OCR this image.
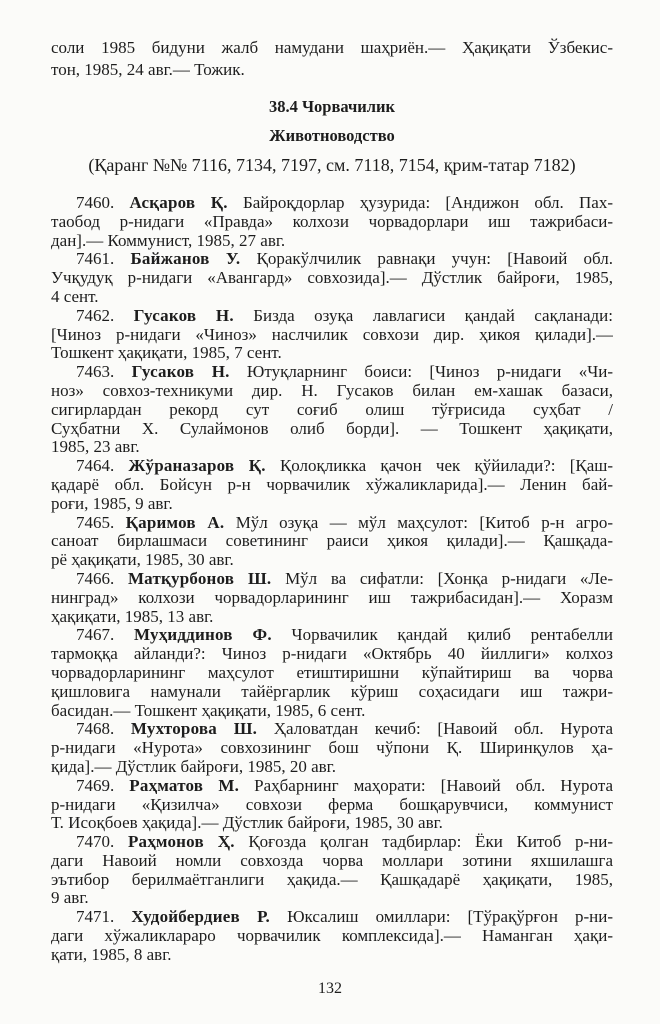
соли 1985 бидуни жалб намудани шаҳриён.— Ҳақиқати Ўзбекис-
тон, 1985, 24 авг.— Тожик.
38.4 Чорвачилик
Животноводство
(Қаранг №№ 7116, 7134, 7197, см. 7118, 7154, қрим-татар 7182)
7460. Асқаров Қ. Байроқдорлар ҳузурида: [Андижон обл. Пах-
таобод р-нидаги «Правда» колхози чорвадорлари иш тажрибаси-
дан].— Коммунист, 1985, 27 авг.
7461. Байжанов У. Қоракўлчилик равнақи учун: [Навоий обл.
Учқудуқ р-нидаги «Авангард» совхозида].— Дўстлик байроғи, 1985,
4 сент.
7462. Гусаков Н. Бизда озуқа лавлагиси қандай сақланади:
[Чиноз р-нидаги «Чиноз» наслчилик совхози дир. ҳикоя қилади].—
Тошкент ҳақиқати, 1985, 7 сент.
7463. Гусаков Н. Ютуқларнинг боиси: [Чиноз р-нидаги «Чи-
ноз» совхоз-техникуми дир. Н. Гусаков билан ем-хашак базаси,
сигирлардан рекорд сут соғиб олиш тўғрисида суҳбат /
Суҳбатни Х. Сулаймонов олиб борди]. — Тошкент ҳақиқати,
1985, 23 авг.
7464. Жўраназаров Қ. Қолоқликка қачон чек қўйилади?: [Қаш-
қадарё обл. Бойсун р-н чорвачилик хўжаликларида].— Ленин бай-
роғи, 1985, 9 авг.
7465. Қаримов А. Мўл озуқа — мўл маҳсулот: [Китоб р-н агро-
саноат бирлашмаси советининг раиси ҳикоя қилади].— Қашқада-
рё ҳақиқати, 1985, 30 авг.
7466. Матқурбонов Ш. Мўл ва сифатли: [Хонқа р-нидаги «Ле-
нинград» колхози чорвадорларининг иш тажрибасидан].— Хоразм
ҳақиқати, 1985, 13 авг.
7467. Муҳиддинов Ф. Чорвачилик қандай қилиб рентабелли
тармоққа айланди?: Чиноз р-нидаги «Октябрь 40 йиллиги» колхоз
чорвадорларининг маҳсулот етиштиришни кўпайтириш ва чорва
қишловига намунали тайёргарлик кўриш соҳасидаги иш тажри-
басидан.— Тошкент ҳақиқати, 1985, 6 сент.
7468. Мухторова Ш. Ҳаловатдан кечиб: [Навоий обл. Нурота
р-нидаги «Нурота» совхозининг бош чўпони Қ. Ширинқулов ҳа-
қида].— Дўстлик байроғи, 1985, 20 авг.
7469. Раҳматов М. Раҳбарнинг маҳорати: [Навоий обл. Нурота
р-нидаги «Қизилча» совхози ферма бошқарувчиси, коммунист
Т. Исоқбоев ҳақида].— Дўстлик байроғи, 1985, 30 авг.
7470. Раҳмонов Ҳ. Қоғозда қолган тадбирлар: Ёки Китоб р-ни-
даги Навоий номли совхозда чорва моллари зотини яхшилашга
эътибор берилмаётганлиги ҳақида.— Қашқадарё ҳақиқати, 1985,
9 авг.
7471. Худойбердиев Р. Юксалиш омиллари: [Тўрақўрғон р-ни-
даги хўжаликлараро чорвачилик комплексида].— Наманган ҳақи-
қати, 1985, 8 авг.
132
